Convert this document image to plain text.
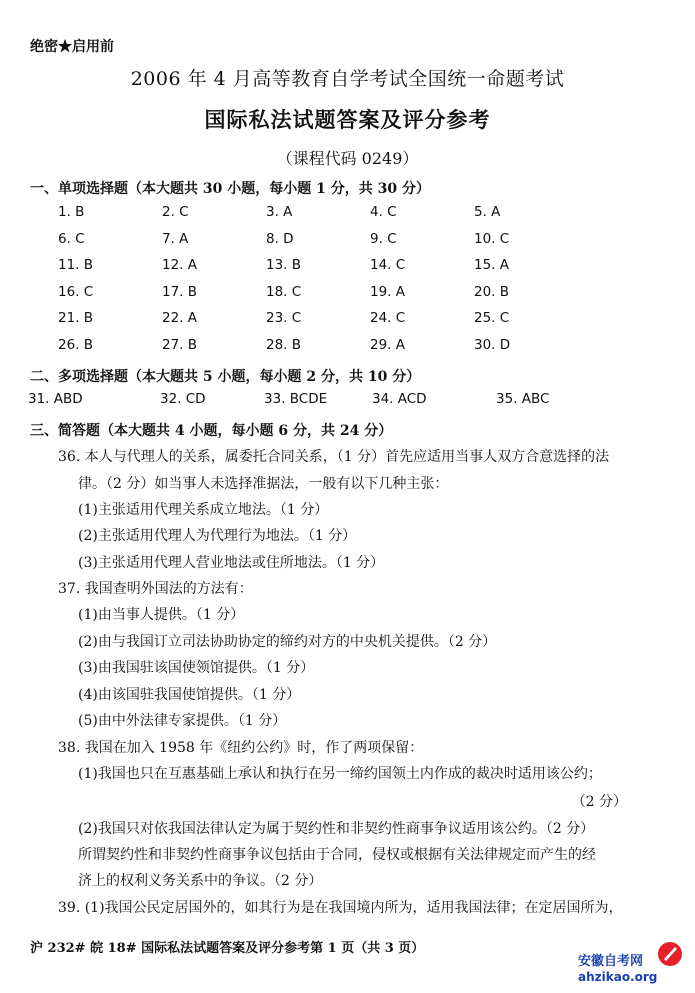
绝密★启用前
2006 年 4 月高等教育自学考试全国统一命题考试
国际私法试题答案及评分参考
（课程代码 0249）
一、单项选择题（本大题共 30 小题，每小题 1 分，共 30 分）
1. B	2. C	3. A	4. C	5. A
6. C	7. A	8. D	9. C	10. C
11. B	12. A	13. B	14. C	15. A
16. C	17. B	18. C	19. A	20. B
21. B	22. A	23. C	24. C	25. C
26. B	27. B	28. B	29. A	30. D
二、多项选择题（本大题共 5 小题，每小题 2 分，共 10 分）
31. ABD	32. CD	33. BCDE	34. ACD	35. ABC
三、简答题（本大题共 4 小题，每小题 6 分，共 24 分）
36. 本人与代理人的关系，属委托合同关系，（1 分）首先应适用当事人双方合意选择的法
律。（2 分）如当事人未选择准据法，一般有以下几种主张：
(1)主张适用代理关系成立地法。（1 分）
(2)主张适用代理人为代理行为地法。（1 分）
(3)主张适用代理人营业地法或住所地法。（1 分）
37. 我国查明外国法的方法有：
(1)由当事人提供。（1 分）
(2)由与我国订立司法协助协定的缔约对方的中央机关提供。（2 分）
(3)由我国驻该国使领馆提供。（1 分）
(4)由该国驻我国使馆提供。（1 分）
(5)由中外法律专家提供。（1 分）
38. 我国在加入 1958 年《纽约公约》时，作了两项保留：
(1)我国也只在互惠基础上承认和执行在另一缔约国领土内作成的裁决时适用该公约；
（2 分）
(2)我国只对依我国法律认定为属于契约性和非契约性商事争议适用该公约。（2 分）
所谓契约性和非契约性商事争议包括由于合同，侵权或根据有关法律规定而产生的经
济上的权利义务关系中的争议。（2 分）
39. (1)我国公民定居国外的，如其行为是在我国境内所为，适用我国法律；在定居国所为，
沪 232# 皖 18# 国际私法试题答案及评分参考第 1 页（共 3 页）
安徽自考网
ahzikao.org
